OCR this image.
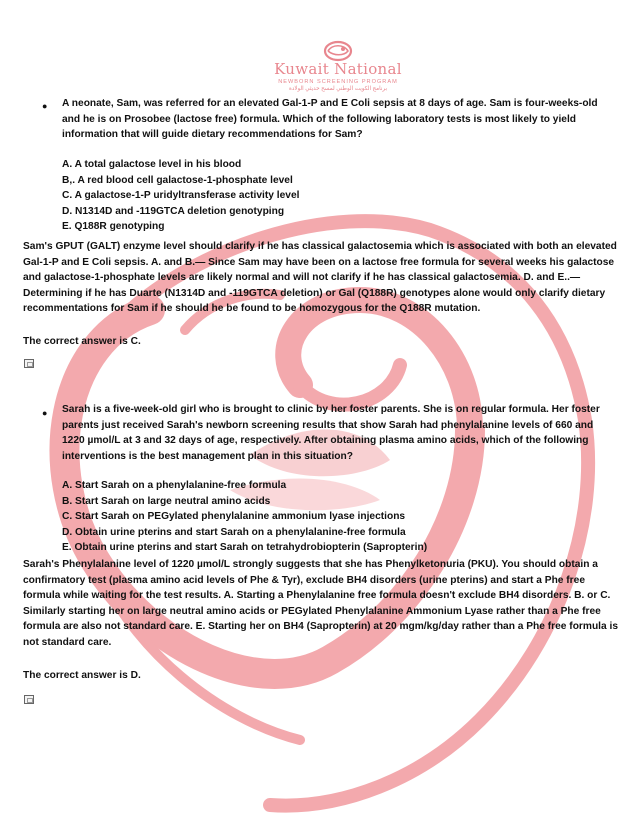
Kuwait National
NEWBORN SCREENING PROGRAM
برنامج الكويت الوطني لمسح حديثي الولادة
● A neonate, Sam, was referred for an elevated Gal-1-P and E Coli sepsis at 8 days of age. Sam is four-weeks-old and he is on Prosobee (lactose free) formula. Which of the following laboratory tests is most likely to yield information that will guide dietary recommendations for Sam?
A. A total galactose level in his blood
B,. A red blood cell galactose-1-phosphate level
C. A galactose-1-P uridyltransferase activity level
D. N1314D and -119GTCA deletion genotyping
E. Q188R genotyping
Sam's GPUT (GALT) enzyme level should clarify if he has classical galactosemia which is associated with both an elevated Gal-1-P and E Coli sepsis. A. and B.— Since Sam may have been on a lactose free formula for several weeks his galactose and galactose-1-phosphate levels are likely normal and will not clarify if he has classical galactosemia. D. and E..— Determining if he has Duarte (N1314D and -119GTCA deletion) or Gal (Q188R) genotypes alone would only clarify dietary recommentations for Sam if he should he be found to be homozygous for the Q188R mutation.
The correct answer is C.
● Sarah is a five-week-old girl who is brought to clinic by her foster parents. She is on regular formula. Her foster parents just received Sarah's newborn screening results that show Sarah had phenylalanine levels of 660 and 1220 µmol/L at 3 and 32 days of age, respectively. After obtaining plasma amino acids, which of the following interventions is the best management plan in this situation?
A. Start Sarah on a phenylalanine-free formula
B. Start Sarah on large neutral amino acids
C. Start Sarah on PEGylated phenylalanine ammonium lyase injections
D. Obtain urine pterins and start Sarah on a phenylalanine-free formula
E. Obtain urine pterins and start Sarah on tetrahydrobiopterin (Sapropterin)
Sarah's Phenylalanine level of 1220 µmol/L strongly suggests that she has Phenylketonuria (PKU). You should obtain a confirmatory test (plasma amino acid levels of Phe & Tyr), exclude BH4 disorders (urine pterins) and start a Phe free formula while waiting for the test results. A. Starting a Phenylalanine free formula doesn't exclude BH4 disorders. B. or C. Similarly starting her on large neutral amino acids or PEGylated Phenylalanine Ammonium Lyase rather than a Phe free formula are also not standard care. E. Starting her on BH4 (Sapropterin) at 20 mgm/kg/day rather than a Phe free formula is not standard care.
The correct answer is D.
